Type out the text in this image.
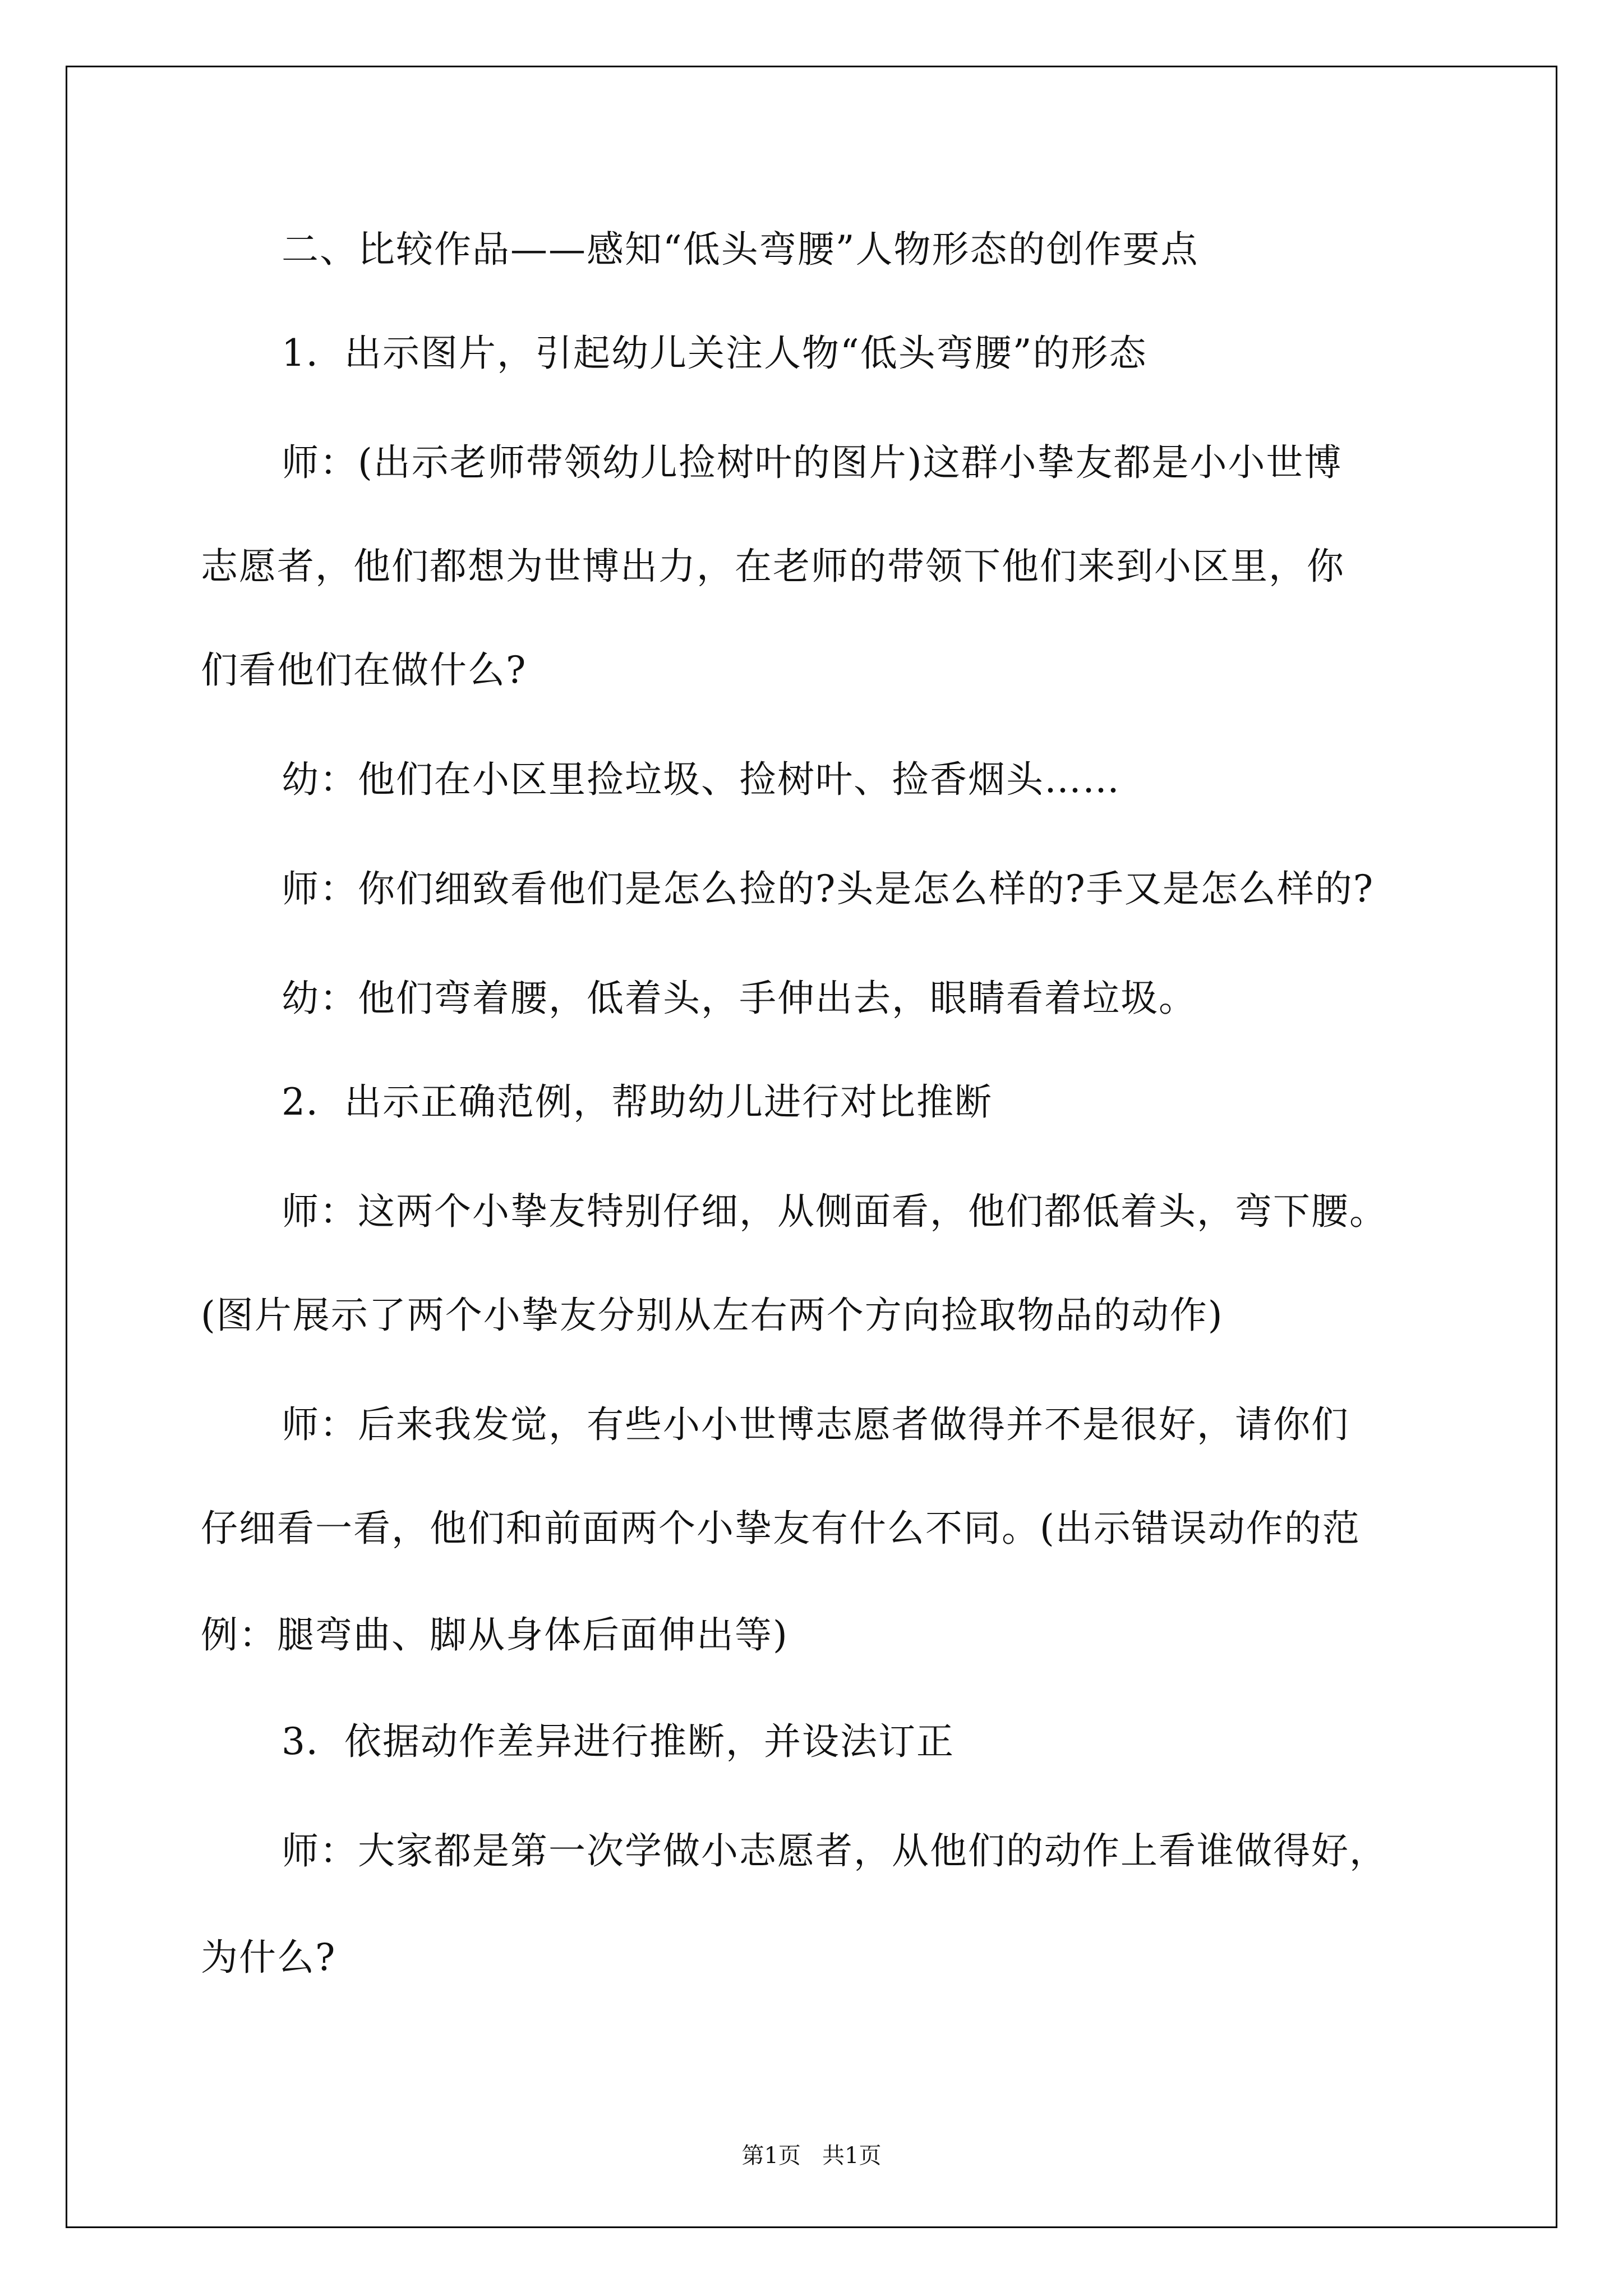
二、比较作品——感知“低头弯腰”人物形态的创作要点
1．出示图片，引起幼儿关注人物“低头弯腰”的形态
师：(出示老师带领幼儿捡树叶的图片)这群小挚友都是小小世博
志愿者，他们都想为世博出力，在老师的带领下他们来到小区里，你
们看他们在做什么?
幼：他们在小区里捡垃圾、捡树叶、捡香烟头……
师：你们细致看他们是怎么捡的?头是怎么样的?手又是怎么样的?
幼：他们弯着腰，低着头，手伸出去，眼睛看着垃圾。
2．出示正确范例，帮助幼儿进行对比推断
师：这两个小挚友特别仔细，从侧面看，他们都低着头，弯下腰。
(图片展示了两个小挚友分别从左右两个方向捡取物品的动作)
师：后来我发觉，有些小小世博志愿者做得并不是很好，请你们
仔细看一看，他们和前面两个小挚友有什么不同。(出示错误动作的范
例：腿弯曲、脚从身体后面伸出等)
3．依据动作差异进行推断，并设法订正
师：大家都是第一次学做小志愿者，从他们的动作上看谁做得好，
为什么?
第1页   共1页
